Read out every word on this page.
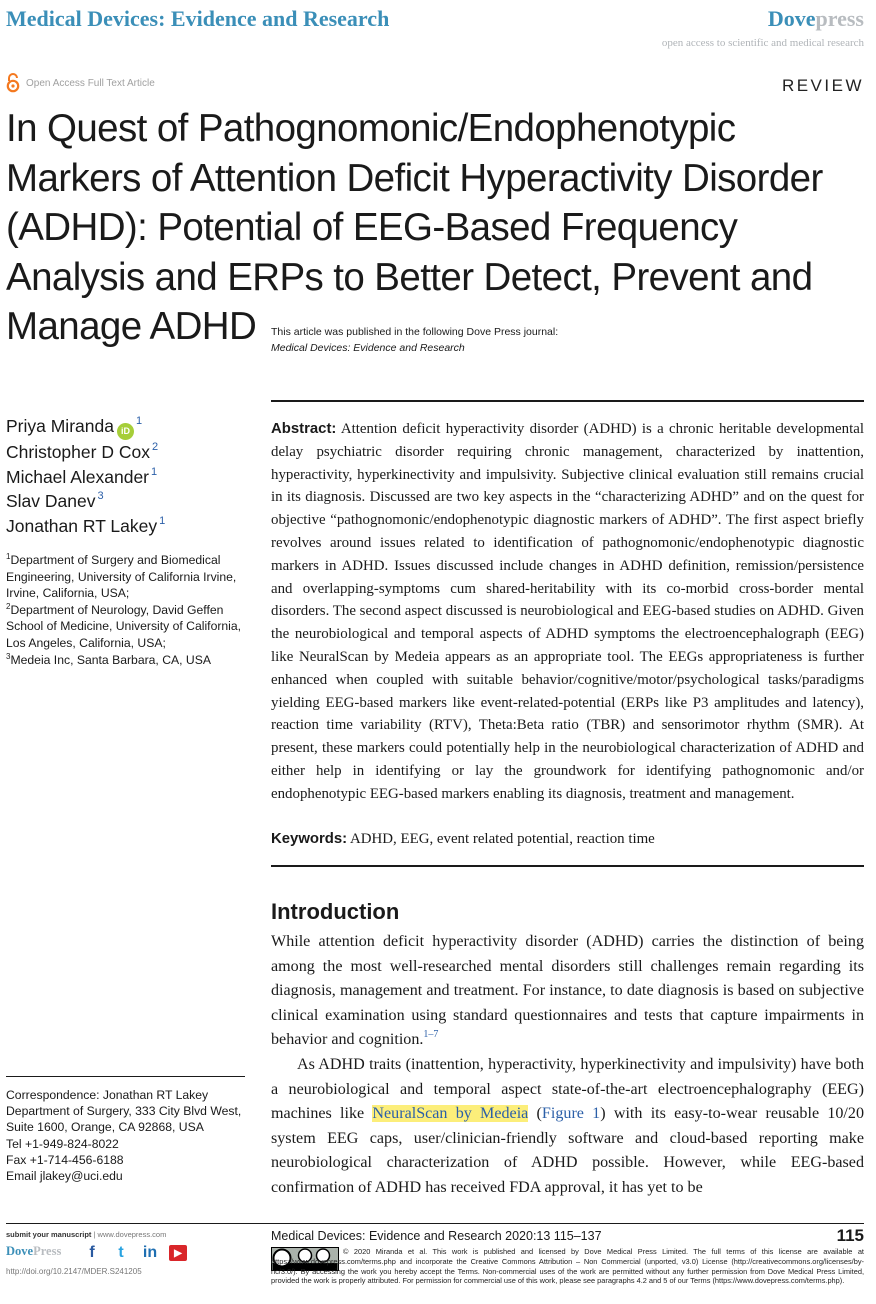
Medical Devices: Evidence and Research	Dovepress
open access to scientific and medical research
Open Access Full Text Article	REVIEW
In Quest of Pathognomonic/Endophenotypic Markers of Attention Deficit Hyperactivity Disorder (ADHD): Potential of EEG-Based Frequency Analysis and ERPs to Better Detect, Prevent and Manage ADHD	This article was published in the following Dove Press journal:
Medical Devices: Evidence and Research
Priya Miranda $iD^1$
Christopher D Cox $^2$
Michael Alexander $^1$
Slav Danev $^3$
Jonathan RT Lakey $^1$
$^1$Department of Surgery and Biomedical Engineering, University of California Irvine, Irvine, California, USA;
$^2$Department of Neurology, David Geffen School of Medicine, University of California, Los Angeles, California, USA;
$^3$Medeia Inc, Santa Barbara, CA, USA
Correspondence: Jonathan RT Lakey
Department of Surgery, 333 City Blvd West, Suite 1600, Orange, CA 92868, USA
Tel +1-949-824-8022
Fax +1-714-456-6188
Email jlakey@uci.edu
Abstract: Attention deficit hyperactivity disorder (ADHD) is a chronic heritable developmental delay psychiatric disorder requiring chronic management, characterized by inattention, hyperactivity, hyperkinectivity and impulsivity. Subjective clinical evaluation still remains crucial in its diagnosis. Discussed are two key aspects in the “characterizing ADHD” and on the quest for objective “pathognomonic/endophenotypic diagnostic markers of ADHD”. The first aspect briefly revolves around issues related to identification of pathognomonic/endophenotypic diagnostic markers in ADHD. Issues discussed include changes in ADHD definition, remission/persistence and overlapping-symptoms cum shared-heritability with its co-morbid cross-border mental disorders. The second aspect discussed is neurobiological and EEG-based studies on ADHD. Given the neurobiological and temporal aspects of ADHD symptoms the electroencephalograph (EEG) like NeuralScan by Medeia appears as an appropriate tool. The EEGs appropriateness is further enhanced when coupled with suitable behavior/cognitive/motor/psychological tasks/paradigms yielding EEG-based markers like event-related-potential (ERPs like P3 amplitudes and latency), reaction time variability (RTV), Theta:Beta ratio (TBR) and sensorimotor rhythm (SMR). At present, these markers could potentially help in the neurobiological characterization of ADHD and either help in identifying or lay the groundwork for identifying pathognomonic and/or endophenotypic EEG-based markers enabling its diagnosis, treatment and management.
Keywords: ADHD, EEG, event related potential, reaction time
Introduction

While attention deficit hyperactivity disorder (ADHD) carries the distinction of being among the most well-researched mental disorders still challenges remain regarding its diagnosis, management and treatment. For instance, to date diagnosis is based on subjective clinical examination using standard questionnaires and tests that capture impairments in behavior and cognition.$^{1-7}$

As ADHD traits (inattention, hyperactivity, hyperkinectivity and impulsivity) have both a neurobiological and temporal aspect state-of-the-art electroencephalography (EEG) machines like NeuralScan by Medeia (Figure 1) with its easy-to-wear reusable 10/20 system EEG caps, user/clinician-friendly software and cloud-based reporting make neurobiological characterization of ADHD possible. However, while EEG-based confirmation of ADHD has received FDA approval, it has yet to be

submit your manuscript | www.dovepress.com
DovePress	f	t	in	▶
http://doi.org/10.2147/MDER.S241205
Medical Devices: Evidence and Research 2020:13 115–137	115
© 2020 Miranda et al. This work is published and licensed by Dove Medical Press Limited. The full terms of this license are available at https://www.dovepress.com/terms.php and incorporate the Creative Commons Attribution – Non Commercial (unported, v3.0) License (http://creativecommons.org/licenses/by-nc/3.0/). By accessing the work you hereby accept the Terms. Non-commercial uses of the work are permitted without any further permission from Dove Medical Press Limited, provided the work is properly attributed. For permission for commercial use of this work, please see paragraphs 4.2 and 5 of our Terms (https://www.dovepress.com/terms.php).
